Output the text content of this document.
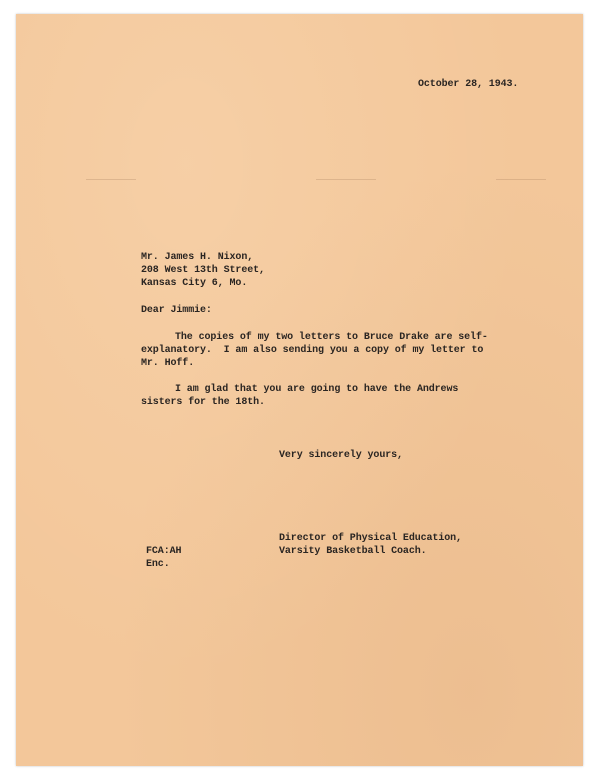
October 28, 1943.
Mr. James H. Nixon,
208 West 13th Street,
Kansas City 6, Mo.
Dear Jimmie:
The copies of my two letters to Bruce Drake are self-
explanatory.  I am also sending you a copy of my letter to
Mr. Hoff.
I am glad that you are going to have the Andrews
sisters for the 18th.
Very sincerely yours,
Director of Physical Education,
Varsity Basketball Coach.
FCA:AH
Enc.
